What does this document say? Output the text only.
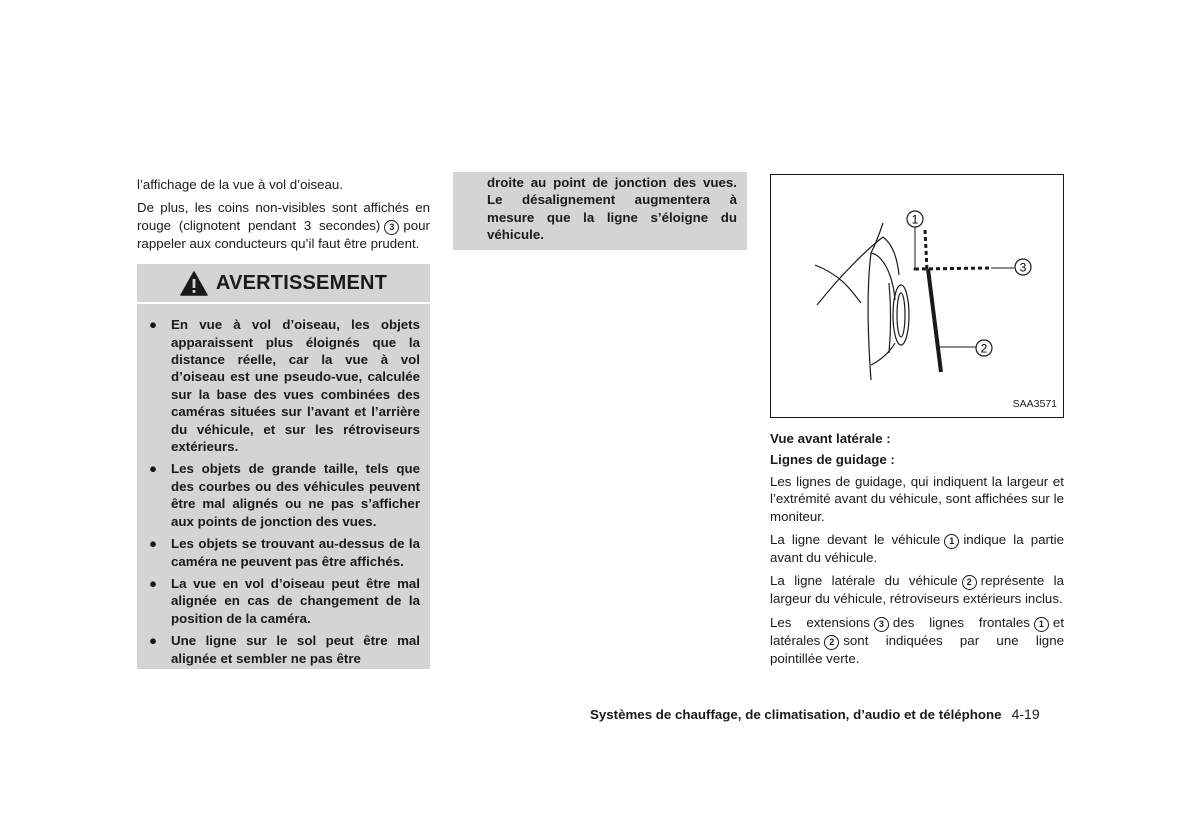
l’affichage de la vue à vol d’oiseau.

De plus, les coins non-visibles sont affichés en rouge (clignotent pendant 3 secondes) 3 pour rappeler aux conducteurs qu’il faut être prudent.

AVERTISSEMENT
● En vue à vol d’oiseau, les objets apparaissent plus éloignés que la distance réelle, car la vue à vol d’oiseau est une pseudo-vue, calculée sur la base des vues combinées des caméras situées sur l’avant et l’arrière du véhicule, et sur les rétroviseurs extérieurs.
● Les objets de grande taille, tels que des courbes ou des véhicules peuvent être mal alignés ou ne pas s’afficher aux points de jonction des vues.
● Les objets se trouvant au-dessus de la caméra ne peuvent pas être affichés.
● La vue en vol d’oiseau peut être mal alignée en cas de changement de la position de la caméra.
● Une ligne sur le sol peut être mal alignée et sembler ne pas être

droite au point de jonction des vues. Le désalignement augmentera à mesure que la ligne s’éloigne du véhicule.

1
2
3
SAA3571

Vue avant latérale :

Lignes de guidage :

Les lignes de guidage, qui indiquent la largeur et l’extrémité avant du véhicule, sont affichées sur le moniteur.

La ligne devant le véhicule 1 indique la partie avant du véhicule.

La ligne latérale du véhicule 2 représente la largeur du véhicule, rétroviseurs extérieurs inclus.

Les extensions 3 des lignes frontales 1 et latérales 2 sont indiquées par une ligne pointillée verte.

Systèmes de chauffage, de climatisation, d’audio et de téléphone 4-19
